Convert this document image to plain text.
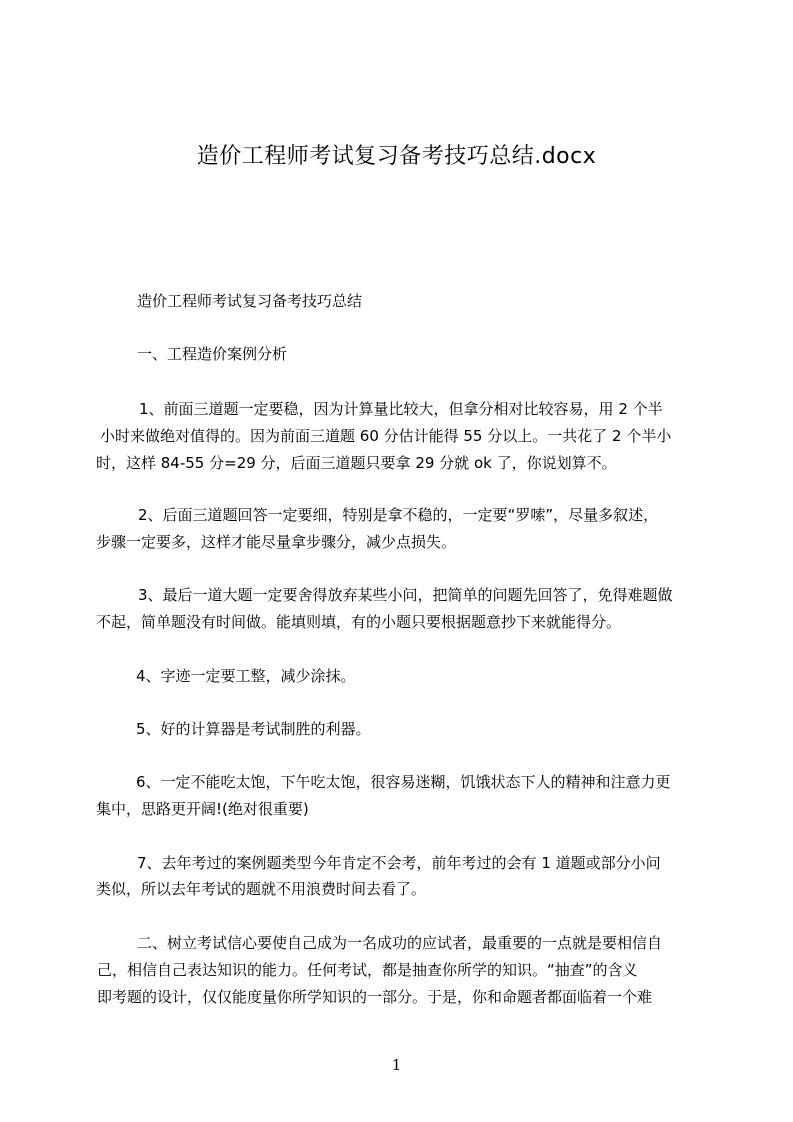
造价工程师考试复习备考技巧总结.docx

造价工程师考试复习备考技巧总结

一、工程造价案例分析

1、前面三道题一定要稳，因为计算量比较大，但拿分相对比较容易，用 2 个半

小时来做绝对值得的。因为前面三道题 60 分估计能得 55 分以上。一共花了 2 个半小

时，这样 84-55 分=29 分，后面三道题只要拿 29 分就 ok 了，你说划算不。

2、后面三道题回答一定要细，特别是拿不稳的，一定要“罗嗦”，尽量多叙述，

步骤一定要多，这样才能尽量拿步骤分，减少点损失。

3、最后一道大题一定要舍得放弃某些小问，把简单的问题先回答了，免得难题做

不起，简单题没有时间做。能填则填，有的小题只要根据题意抄下来就能得分。

4、字迹一定要工整，减少涂抹。

5、好的计算器是考试制胜的利器。

6、一定不能吃太饱，下午吃太饱，很容易迷糊，饥饿状态下人的精神和注意力更

集中，思路更开阔!(绝对很重要)

7、去年考过的案例题类型今年肯定不会考，前年考过的会有 1 道题或部分小问

类似，所以去年考试的题就不用浪费时间去看了。

二、树立考试信心要使自己成为一名成功的应试者，最重要的一点就是要相信自

己，相信自己表达知识的能力。任何考试，都是抽查你所学的知识。“抽查”的含义

即考题的设计，仅仅能度量你所学知识的一部分。于是，你和命题者都面临着一个难

1
